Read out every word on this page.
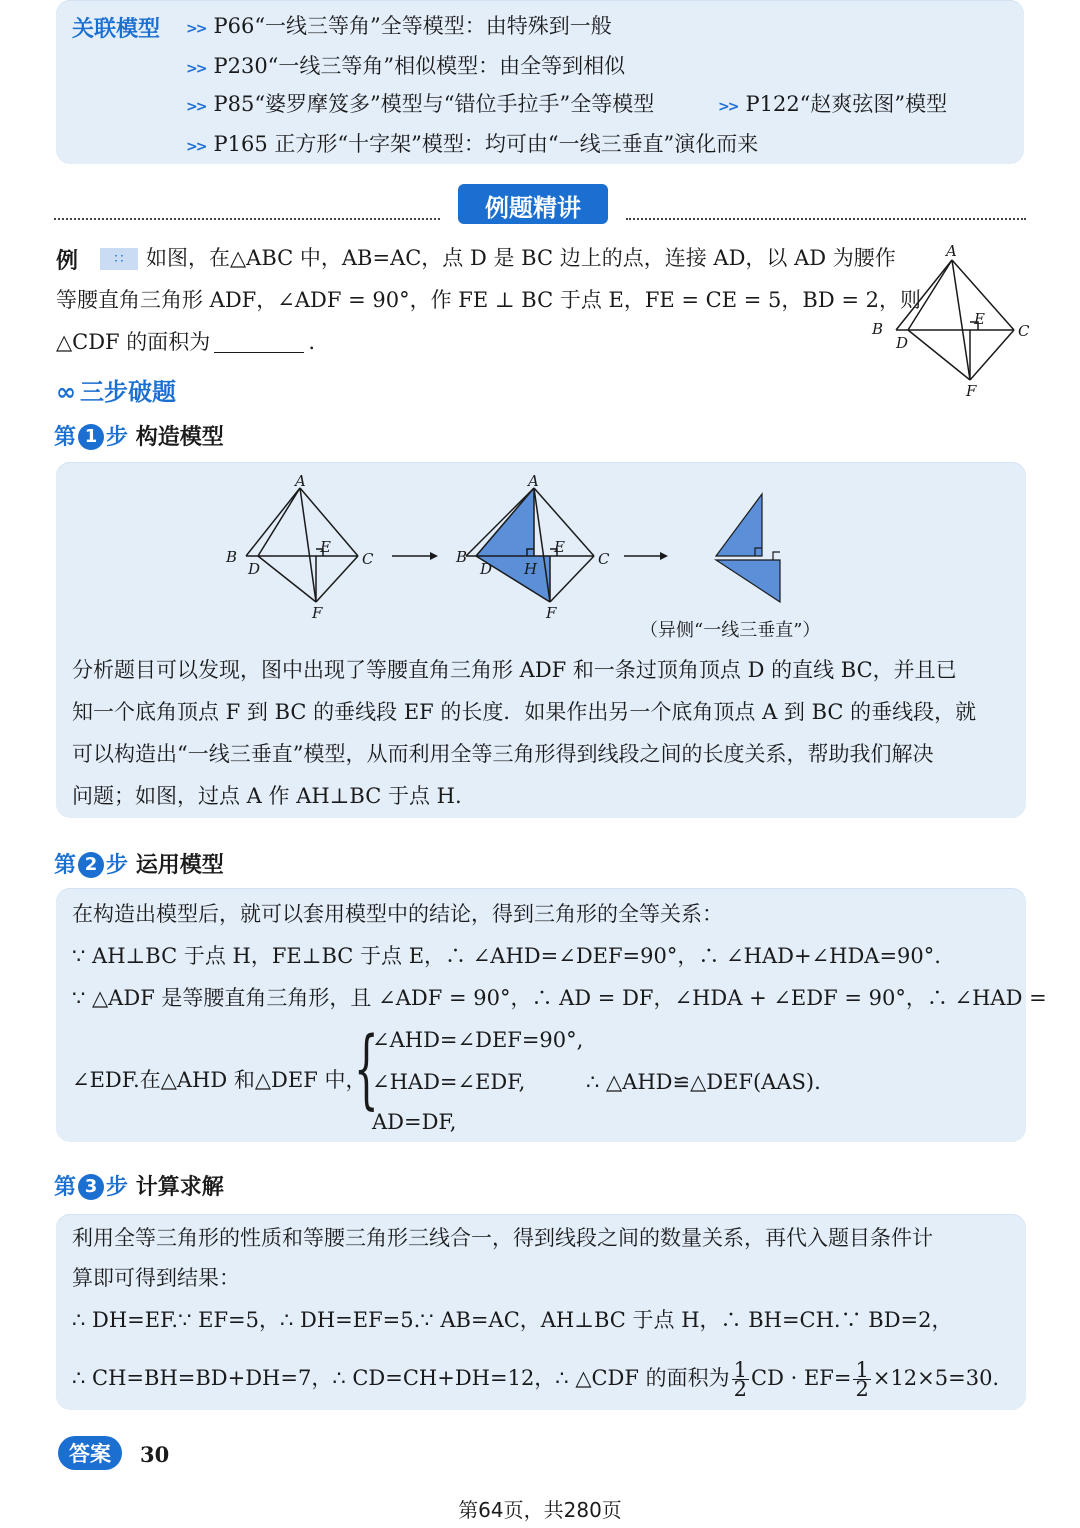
关联模型 >> P66“一线三等角”全等模型：由特殊到一般
>> P230“一线三等角”相似模型：由全等到相似
>> P85“婆罗摩笈多”模型与“错位手拉手”全等模型	>> P122“赵爽弦图”模型
>> P165 正方形“十字架”模型：均可由“一线三垂直”演化而来
例题精讲
例	∷	如图，在△ABC 中，AB=AC，点 D 是 BC 边上的点，连接 AD，以 AD 为腰作
等腰直角三角形 ADF，∠ADF = 90°，作 FE ⊥ BC 于点 E，FE = CE = 5，BD = 2，则
△CDF 的面积为	.
A
B	C
D
E
F
∞ 三步破题
第 1 步 构造模型
A
B	C
D
E
F
A
B	C
D
E
F
H
（异侧“一线三垂直”）
分析题目可以发现，图中出现了等腰直角三角形 ADF 和一条过顶角顶点 D 的直线 BC，并且已
知一个底角顶点 F 到 BC 的垂线段 EF 的长度．如果作出另一个底角顶点 A 到 BC 的垂线段，就
可以构造出“一线三垂直”模型，从而利用全等三角形得到线段之间的长度关系，帮助我们解决
问题；如图，过点 A 作 AH⊥BC 于点 H.
第 2 步 运用模型
在构造出模型后，就可以套用模型中的结论，得到三角形的全等关系：
∵ AH⊥BC 于点 H，FE⊥BC 于点 E，∴ ∠AHD=∠DEF=90°，∴ ∠HAD+∠HDA=90°.
∵ △ADF 是等腰直角三角形，且 ∠ADF = 90°，∴ AD = DF，∠HDA + ∠EDF = 90°，∴ ∠HAD =
∠EDF.在△AHD 和△DEF 中，
{
∠AHD=∠DEF=90°,
∠HAD=∠EDF,
AD=DF,
∴ △AHD≌△DEF(AAS).
第 3 步 计算求解
利用全等三角形的性质和等腰三角形三线合一，得到线段之间的数量关系，再代入题目条件计
算即可得到结果：
∴ DH=EF.∵ EF=5，∴ DH=EF=5.∵ AB=AC，AH⊥BC 于点 H，∴ BH=CH.∵ BD=2，
∴ CH=BH=BD+DH=7，∴ CD=CH+DH=12，∴ △CDF 的面积为 $\frac{1}{2}$ CD · $EF= \frac{1}{2} \times 12\times 5=30$.
答案	30
第64页，共280页
